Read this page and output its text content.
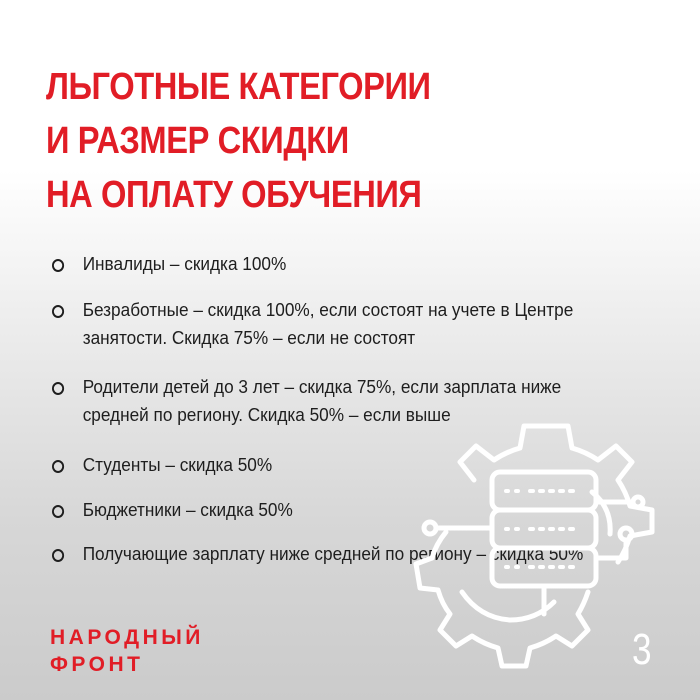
ЛЬГОТНЫЕ КАТЕГОРИИ
И РАЗМЕР СКИДКИ
НА ОПЛАТУ ОБУЧЕНИЯ
Инвалиды – скидка 100%
Безработные – скидка 100%, если состоят на учете в Центре занятости. Скидка 75% – если не состоят
Родители детей до 3 лет – скидка 75%, если зарплата ниже средней по региону. Скидка 50% – если выше
Студенты – скидка 50%
Бюджетники – скидка 50%
Получающие зарплату ниже средней по региону – скидка 50%
НАРОДНЫЙ
ФРОНТ	3
